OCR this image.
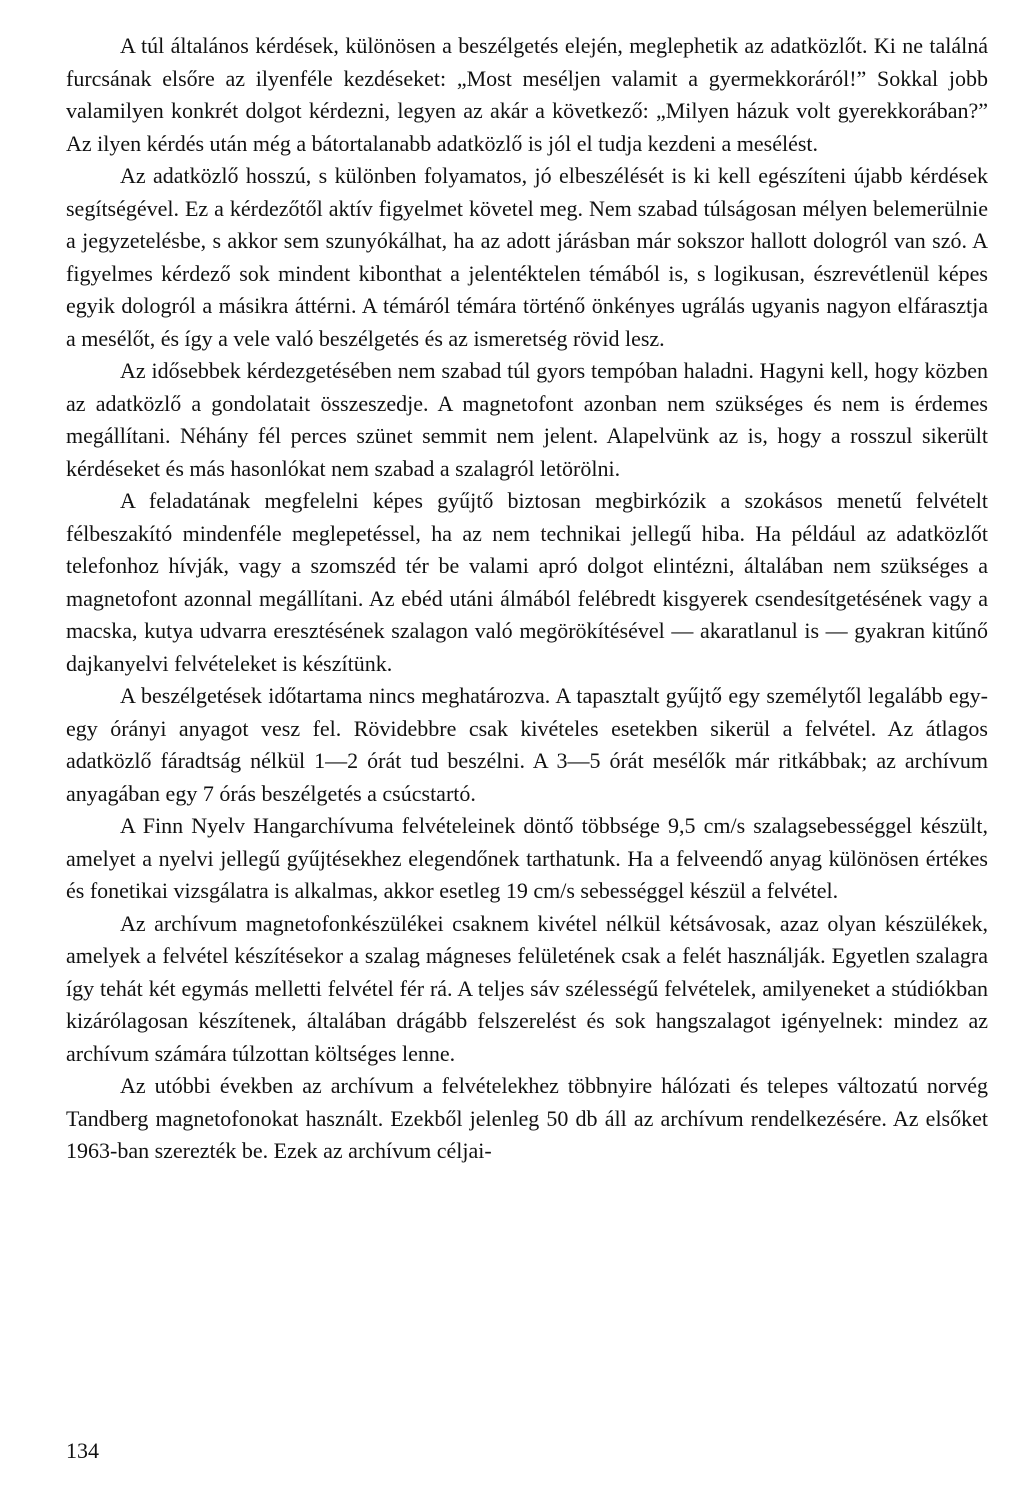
A túl általános kérdések, különösen a beszélgetés elején, meglephetik az adatközlőt. Ki ne találná furcsának elsőre az ilyenféle kezdéseket: „Most meséljen valamit a gyermekkoráról!” Sokkal jobb valamilyen konkrét dolgot kérdezni, legyen az akár a következő: „Milyen házuk volt gyerekkorában?” Az ilyen kérdés után még a bátortalanabb adatközlő is jól el tudja kezdeni a mesélést.

Az adatközlő hosszú, s különben folyamatos, jó elbeszélését is ki kell egészíteni újabb kérdések segítségével. Ez a kérdezőtől aktív figyelmet követel meg. Nem szabad túlságosan mélyen belemerülnie a jegyzetelésbe, s akkor sem szunyókálhat, ha az adott járásban már sokszor hallott dologról van szó. A figyelmes kérdező sok mindent kibonthat a jelentéktelen témából is, s logikusan, észrevétlenül képes egyik dologról a másikra áttérni. A témáról témára történő önkényes ugrálás ugyanis nagyon elfárasztja a mesélőt, és így a vele való beszélgetés és az ismeretség rövid lesz.

Az idősebbek kérdezgetésében nem szabad túl gyors tempóban haladni. Hagyni kell, hogy közben az adatközlő a gondolatait összeszedje. A magnetofont azonban nem szükséges és nem is érdemes megállítani. Néhány fél perces szünet semmit nem jelent. Alapelvünk az is, hogy a rosszul sikerült kérdéseket és más hasonlókat nem szabad a szalagról letörölni.

A feladatának megfelelni képes gyűjtő biztosan megbirkózik a szokásos menetű felvételt félbeszakító mindenféle meglepetéssel, ha az nem technikai jellegű hiba. Ha például az adatközlőt telefonhoz hívják, vagy a szomszéd tér be valami apró dolgot elintézni, általában nem szükséges a magnetofont azonnal megállítani. Az ebéd utáni álmából felébredt kisgyerek csendesítgetésének vagy a macska, kutya udvarra eresztésének szalagon való megörökítésével — akaratlanul is — gyakran kitűnő dajkanyelvi felvételeket is készítünk.

A beszélgetések időtartama nincs meghatározva. A tapasztalt gyűjtő egy személytől legalább egy-egy órányi anyagot vesz fel. Rövidebbre csak kivételes esetekben sikerül a felvétel. Az átlagos adatközlő fáradtság nélkül 1—2 órát tud beszélni. A 3—5 órát mesélők már ritkábbak; az archívum anyagában egy 7 órás beszélgetés a csúcstartó.

A Finn Nyelv Hangarchívuma felvételeinek döntő többsége 9,5 cm/s szalagsebességgel készült, amelyet a nyelvi jellegű gyűjtésekhez elegendőnek tarthatunk. Ha a felveendő anyag különösen értékes és fonetikai vizsgálatra is alkalmas, akkor esetleg 19 cm/s sebességgel készül a felvétel.

Az archívum magnetofonkészülékei csaknem kivétel nélkül kétsávosak, azaz olyan készülékek, amelyek a felvétel készítésekor a szalag mágneses felületének csak a felét használják. Egyetlen szalagra így tehát két egymás melletti felvétel fér rá. A teljes sáv szélességű felvételek, amilyeneket a stúdiókban kizárólagosan készítenek, általában drágább felszerelést és sok hangszalagot igényelnek: mindez az archívum számára túlzottan költséges lenne.

Az utóbbi években az archívum a felvételekhez többnyire hálózati és telepes változatú norvég Tandberg magnetofonokat használt. Ezekből jelenleg 50 db áll az archívum rendelkezésére. Az elsőket 1963-ban szerezték be. Ezek az archívum céljai-

134
